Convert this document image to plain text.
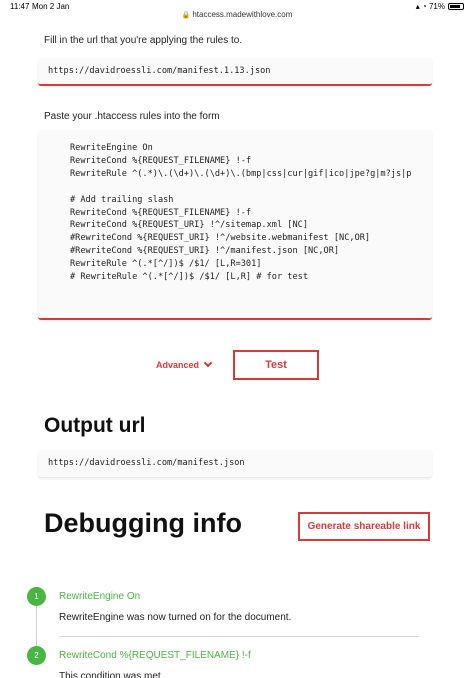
11:47 Mon 2 Jan	▴ ◔ 71%
🔒 htaccess.madewithlove.com
Fill in the url that you're applying the rules to.
https://davidroessli.com/manifest.1.13.json
Paste your .htaccess rules into the form
RewriteEngine On
RewriteCond %{REQUEST_FILENAME} !-f
RewriteRule ^(.*)\.(\d+)\.(\d+)\.(bmp|css|cur|gif|ico|jpe?g|m?js|p

# Add trailing slash
RewriteCond %{REQUEST_FILENAME} !-f
RewriteCond %{REQUEST_URI} !^/sitemap.xml [NC]
#RewriteCond %{REQUEST_URI} !^/website.webmanifest [NC,OR]
#RewriteCond %{REQUEST_URI} !^/manifest.json [NC,OR]
RewriteRule ^(.*[^/])$ /$1/ [L,R=301]
# RewriteRule ^(.*[^/])$ /$1/ [L,R] # for test
Advanced	Test
Output url
https://davidroessli.com/manifest.json
Debugging info	Generate shareable link
1	RewriteEngine On
RewriteEngine was now turned on for the document.
2	RewriteCond %{REQUEST_FILENAME} !-f
This condition was met
